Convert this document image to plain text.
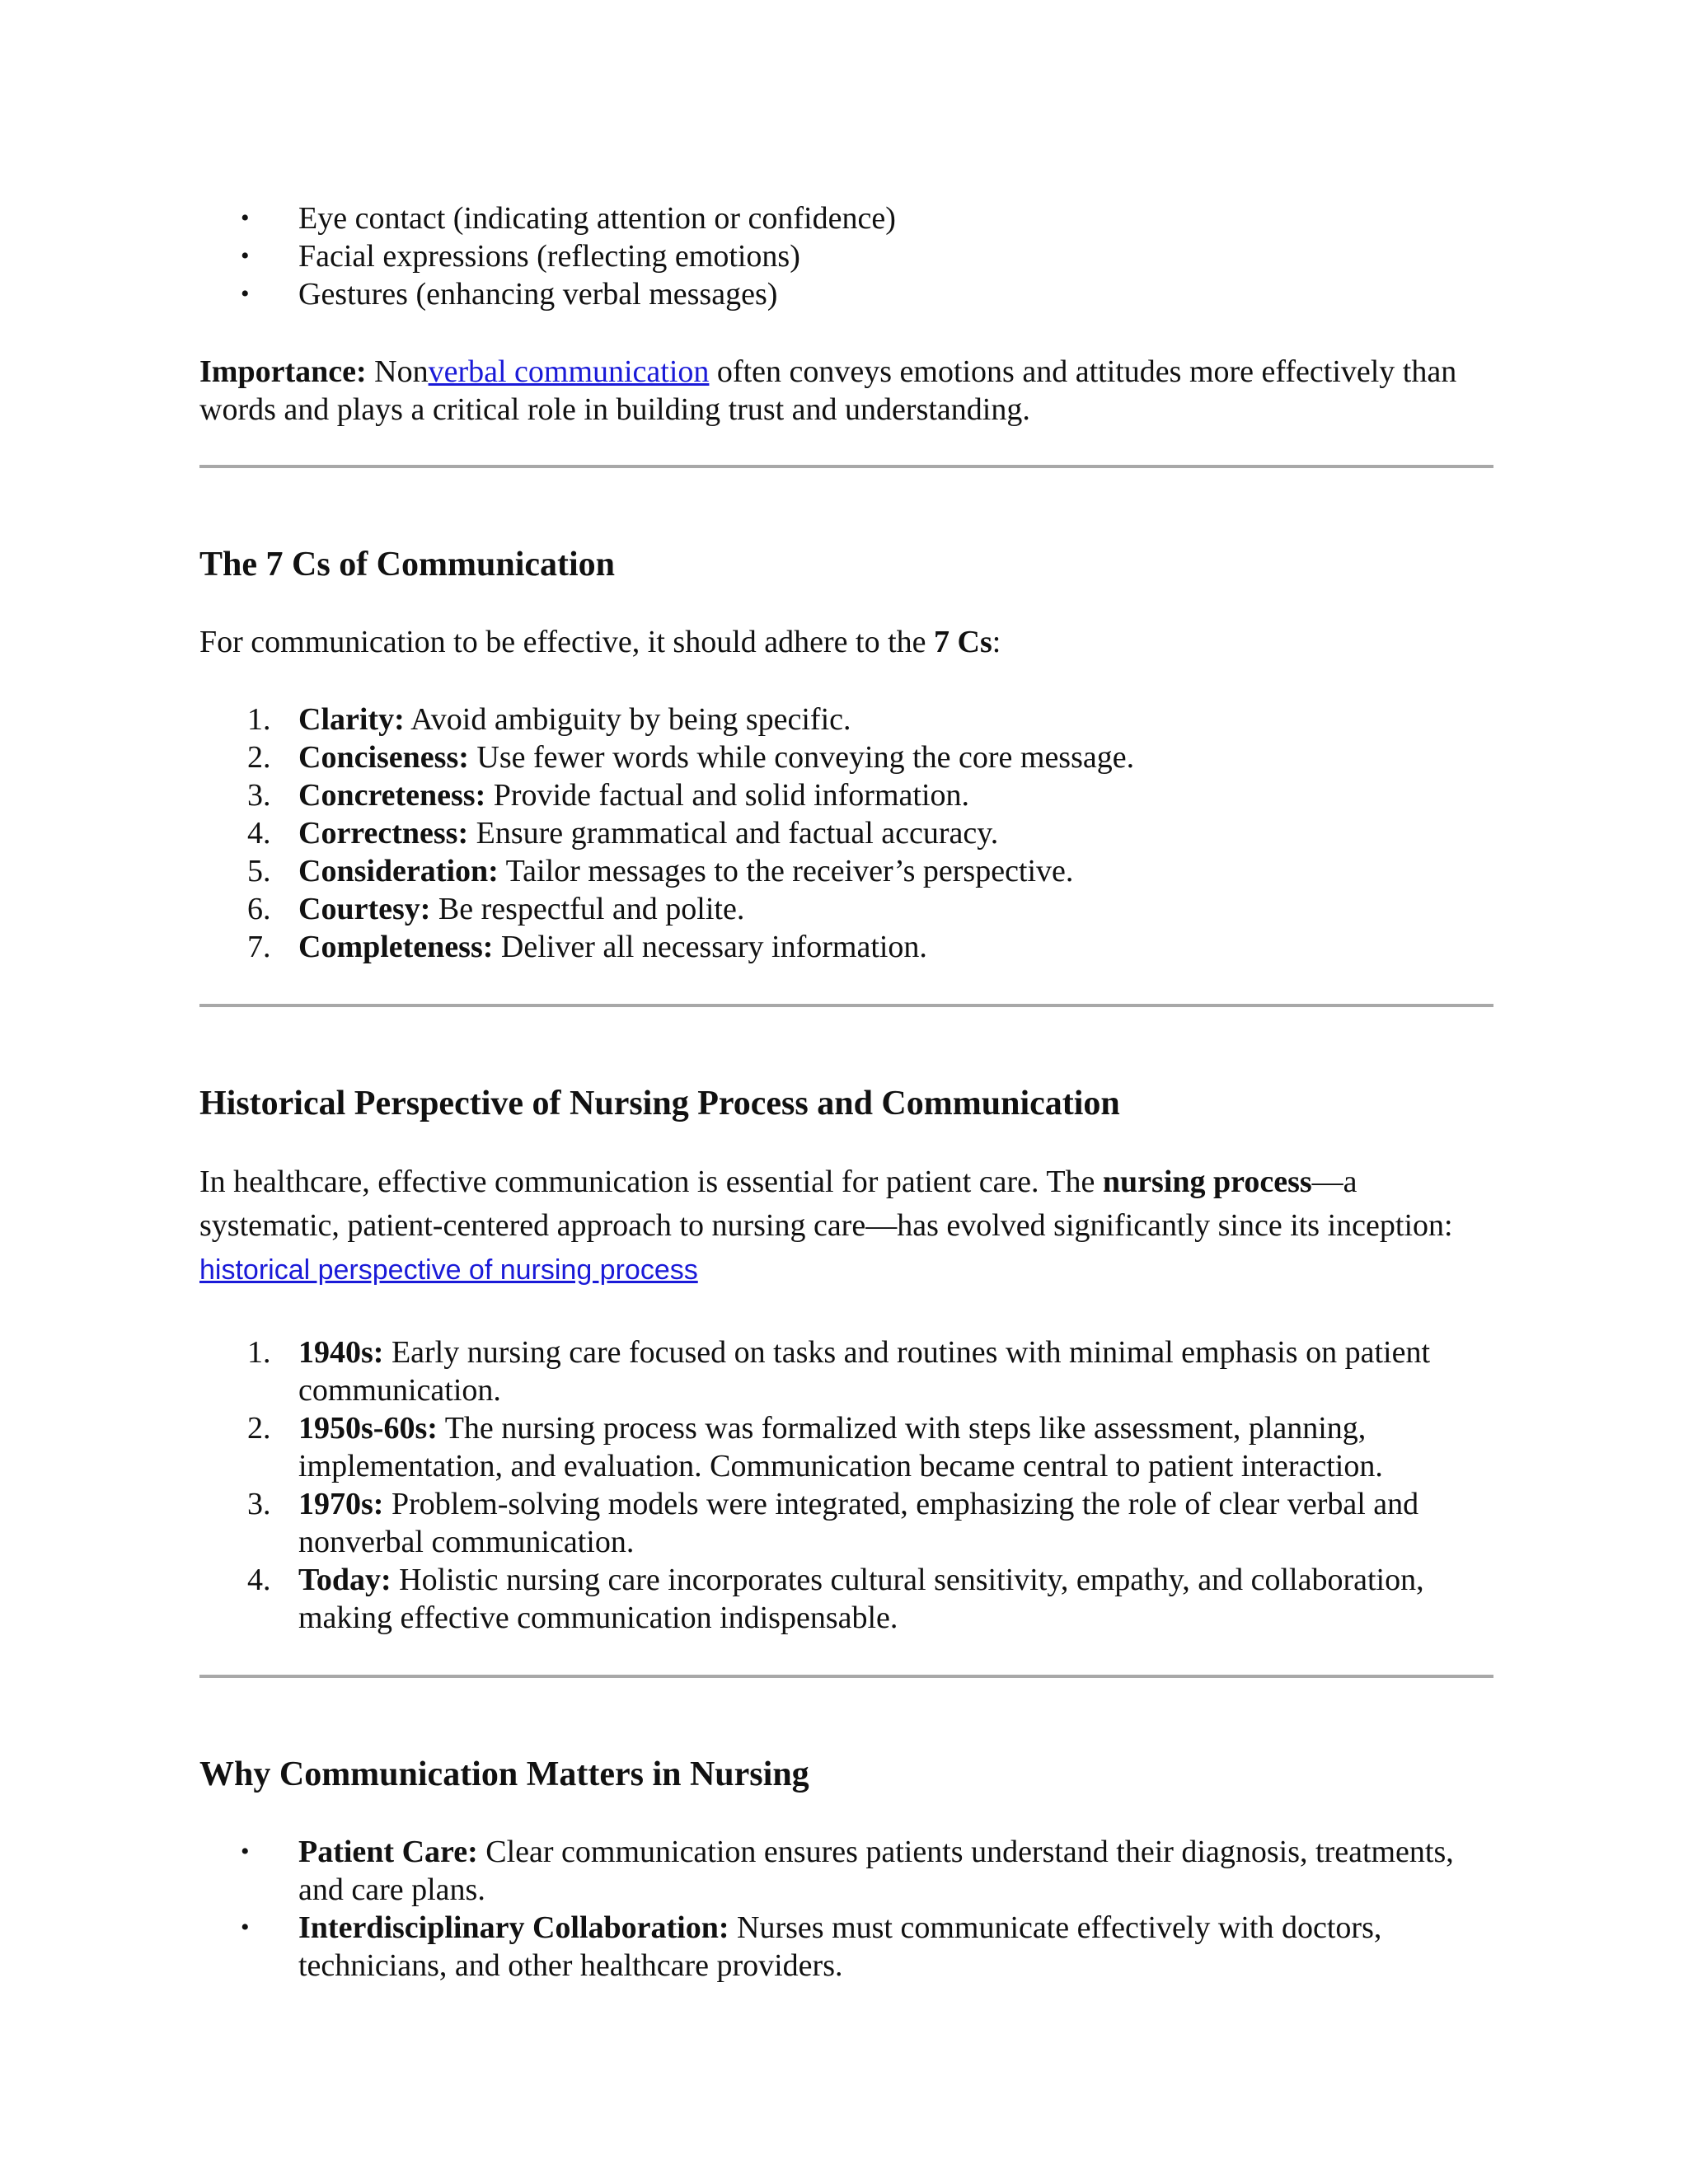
• Eye contact (indicating attention or confidence)
• Facial expressions (reflecting emotions)
• Gestures (enhancing verbal messages)

Importance: Nonverbal communication often conveys emotions and attitudes more effectively than words and plays a critical role in building trust and understanding.

The 7 Cs of Communication

For communication to be effective, it should adhere to the 7 Cs:

1. Clarity: Avoid ambiguity by being specific.
2. Conciseness: Use fewer words while conveying the core message.
3. Concreteness: Provide factual and solid information.
4. Correctness: Ensure grammatical and factual accuracy.
5. Consideration: Tailor messages to the receiver’s perspective.
6. Courtesy: Be respectful and polite.
7. Completeness: Deliver all necessary information.
Historical Perspective of Nursing Process and Communication

In healthcare, effective communication is essential for patient care. The nursing process—a systematic, patient-centered approach to nursing care—has evolved significantly since its inception: historical perspective of nursing process

1. 1940s: Early nursing care focused on tasks and routines with minimal emphasis on patient communication.
2. 1950s-60s: The nursing process was formalized with steps like assessment, planning, implementation, and evaluation. Communication became central to patient interaction.
3. 1970s: Problem-solving models were integrated, emphasizing the role of clear verbal and nonverbal communication.
4. Today: Holistic nursing care incorporates cultural sensitivity, empathy, and collaboration, making effective communication indispensable.
Why Communication Matters in Nursing
• Patient Care: Clear communication ensures patients understand their diagnosis, treatments, and care plans.
• Interdisciplinary Collaboration: Nurses must communicate effectively with doctors, technicians, and other healthcare providers.
